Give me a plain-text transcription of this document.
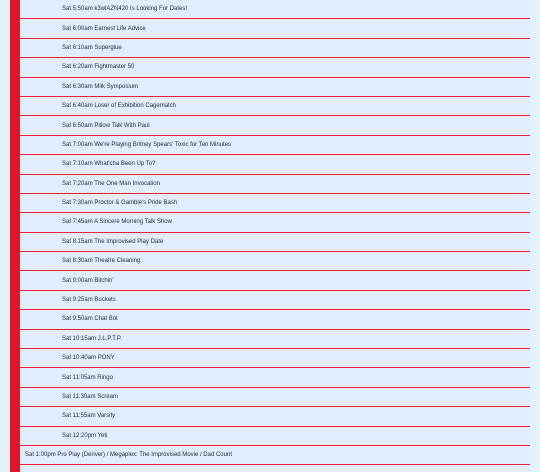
Sat 5:50am k3wlAZN420 Is Looking For Dates!
Sat 6:00am Earnest Life Advice
Sat 6:10am Superglue
Sat 6:20am Fightmaster 50
Sat 6:30am Milk Symposium
Sat 6:40am Loser of Exhibition Cagematch
Sat 6:50am Pillow Talk With Paul
Sat 7:00am We're Playing Britney Spears' Toxic for Ten Minutes
Sat 7:10am What'cha Been Up To?
Sat 7:20am The One Man Invocation
Sat 7:30am Proctor & Gamble's Pride Bash
Sat 7:45am A Sincere Morning Talk Show
Sat 8:15am The Improvised Play Date
Sat 8:30am Theatre Cleaning
Sat 9:00am Bitchin'
Sat 9:25am Buckets
Sat 9:50am Chat Bot
Sat 10:15am J.L.P.T.P.
Sat 10:40am PONY
Sat 11:05am Ringo
Sat 11:30am Scream
Sat 11:55am Varsity
Sat 12:20pm Yeti
Sat 1:00pm Pro Play (Denver) / Megaplex: The Improvised Movie / Dad Count
